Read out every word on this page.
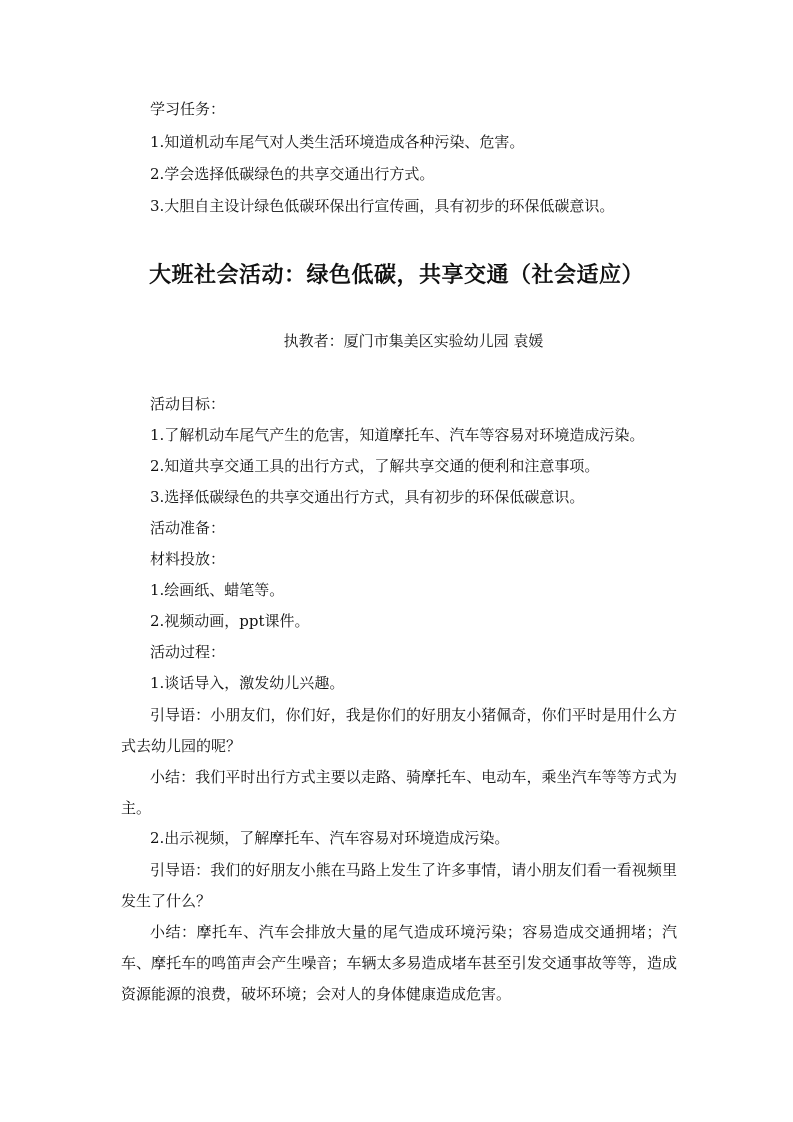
学习任务：
1.知道机动车尾气对人类生活环境造成各种污染、危害。
2.学会选择低碳绿色的共享交通出行方式。
3.大胆自主设计绿色低碳环保出行宣传画，具有初步的环保低碳意识。
大班社会活动：绿色低碳，共享交通（社会适应）
执教者：厦门市集美区实验幼儿园 袁媛
活动目标：
1.了解机动车尾气产生的危害，知道摩托车、汽车等容易对环境造成污染。
2.知道共享交通工具的出行方式，了解共享交通的便利和注意事项。
3.选择低碳绿色的共享交通出行方式，具有初步的环保低碳意识。
活动准备：
材料投放：
1.绘画纸、蜡笔等。
2.视频动画，ppt课件。
活动过程：
1.谈话导入，激发幼儿兴趣。
引导语：小朋友们，你们好，我是你们的好朋友小猪佩奇，你们平时是用什么方式去幼儿园的呢？
小结：我们平时出行方式主要以走路、骑摩托车、电动车，乘坐汽车等等方式为主。
2.出示视频，了解摩托车、汽车容易对环境造成污染。
引导语：我们的好朋友小熊在马路上发生了许多事情，请小朋友们看一看视频里发生了什么？
小结：摩托车、汽车会排放大量的尾气造成环境污染；容易造成交通拥堵；汽车、摩托车的鸣笛声会产生噪音；车辆太多易造成堵车甚至引发交通事故等等，造成资源能源的浪费，破坏环境；会对人的身体健康造成危害。
